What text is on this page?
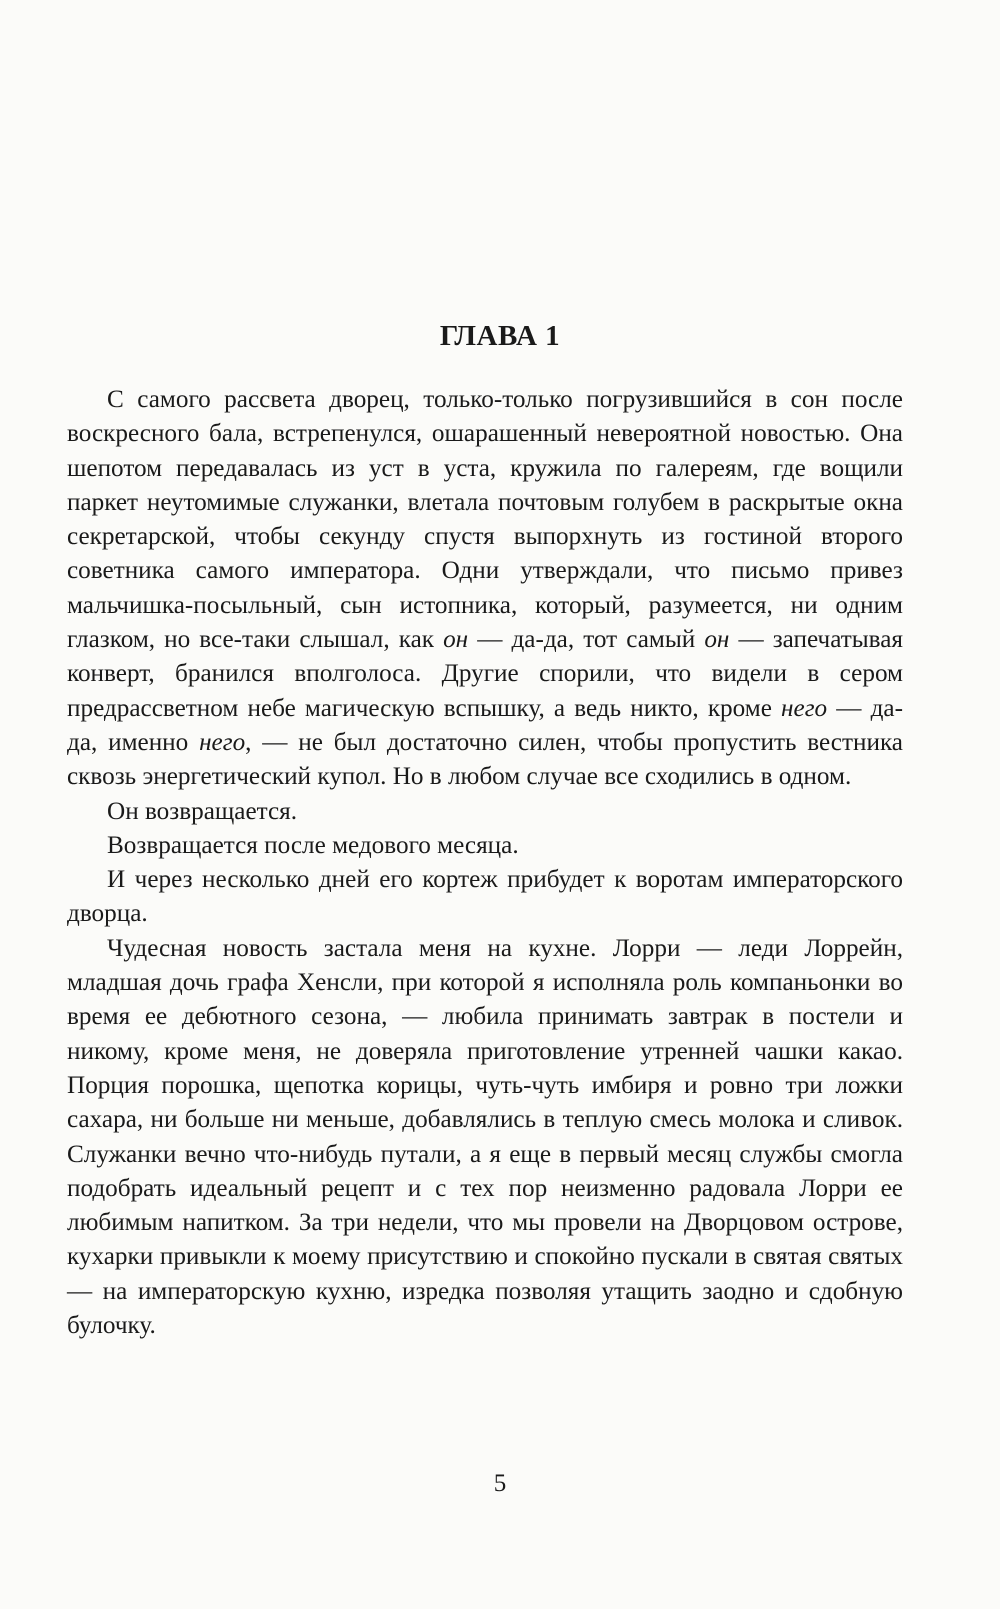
ГЛАВА 1

С самого рассвета дворец, только-только погрузившийся в сон после воскресного бала, встрепенулся, ошарашенный невероятной новостью. Она шепотом передавалась из уст в уста, кружила по галереям, где вощили паркет неутомимые служанки, влетала почтовым голубем в раскрытые окна секретарской, чтобы секунду спустя выпорхнуть из гостиной второго советника самого императора. Одни утверждали, что письмо привез мальчишка-посыльный, сын истопника, который, разумеется, ни одним глазком, но все-таки слышал, как он — да-да, тот самый он — запечатывая конверт, бранился вполголоса. Другие спорили, что видели в сером предрассветном небе магическую вспышку, а ведь никто, кроме него — да-да, именно него, — не был достаточно силен, чтобы пропустить вестника сквозь энергетический купол. Но в любом случае все сходились в одном.

Он возвращается.

Возвращается после медового месяца.

И через несколько дней его кортеж прибудет к воротам императорского дворца.

Чудесная новость застала меня на кухне. Лорри — леди Лоррейн, младшая дочь графа Хенсли, при которой я исполняла роль компаньонки во время ее дебютного сезона, — любила принимать завтрак в постели и никому, кроме меня, не доверяла приготовление утренней чашки какао. Порция порошка, щепотка корицы, чуть-чуть имбиря и ровно три ложки сахара, ни больше ни меньше, добавлялись в теплую смесь молока и сливок. Служанки вечно что-нибудь путали, а я еще в первый месяц службы смогла подобрать идеальный рецепт и с тех пор неизменно радовала Лорри ее любимым напитком. За три недели, что мы провели на Дворцовом острове, кухарки привыкли к моему присутствию и спокойно пускали в святая святых — на императорскую кухню, изредка позволяя утащить заодно и сдобную булочку.

5
